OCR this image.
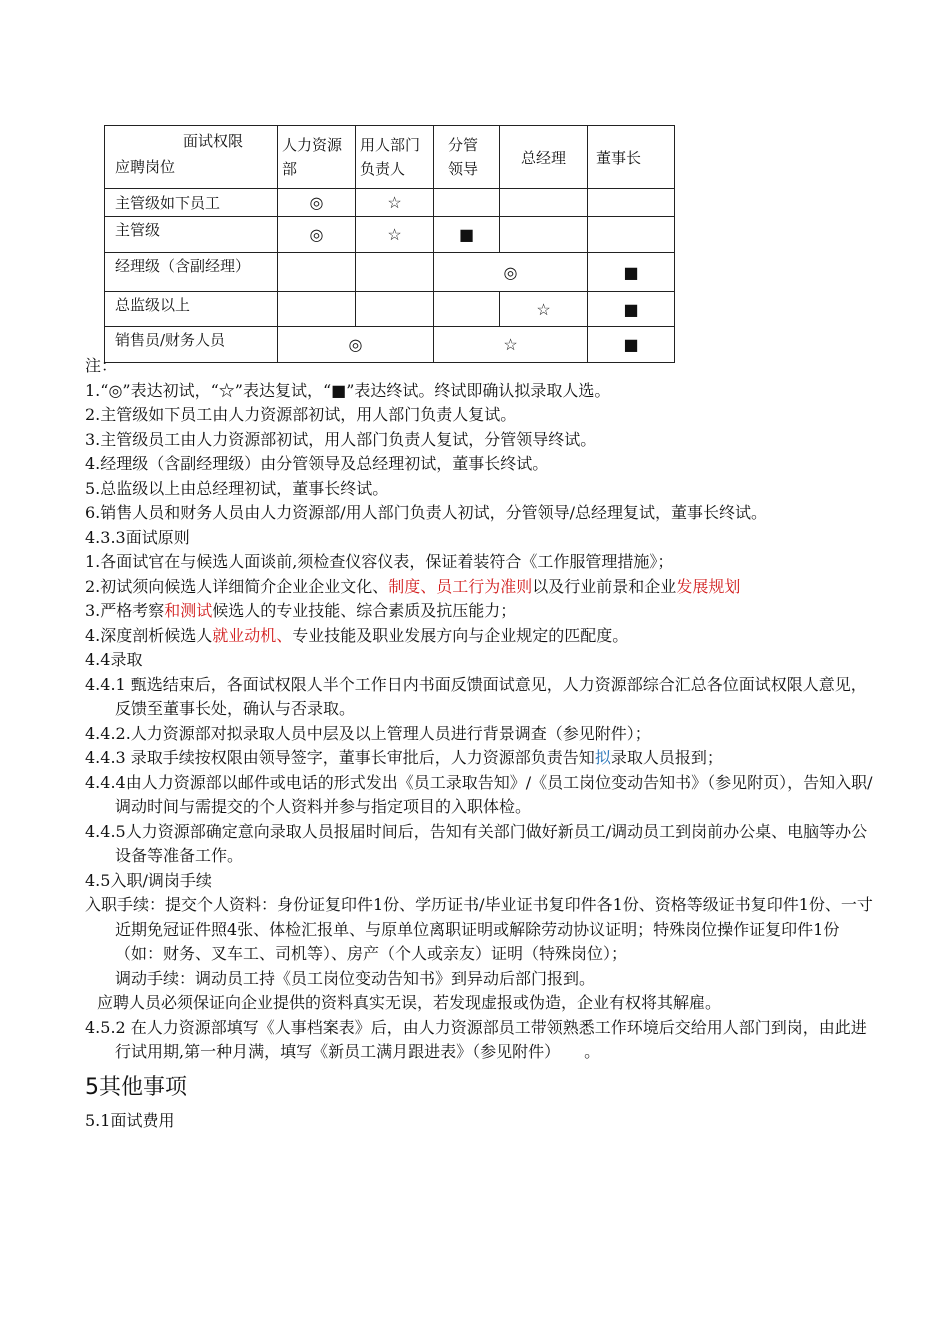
面试权限
应聘岗位	人力资源部	用人部门负责人	分管领导	总经理	董事长
主管级如下员工	◎	☆			
主管级	◎	☆	■		
经理级（含副经理）			◎		■
总监级以上				☆	■
销售员/财务人员	◎		☆		■
注：
1.“◎”表达初试，“☆”表达复试，“■”表达终试。终试即确认拟录取人选。
2.主管级如下员工由人力资源部初试，用人部门负责人复试。
3.主管级员工由人力资源部初试，用人部门负责人复试，分管领导终试。
4.经理级（含副经理级）由分管领导及总经理初试，董事长终试。
5.总监级以上由总经理初试，董事长终试。
6.销售人员和财务人员由人力资源部/用人部门负责人初试，分管领导/总经理复试，董事长终试。
4.3.3面试原则
1.各面试官在与候选人面谈前,须检查仪容仪表，保证着装符合《工作服管理措施》；
2.初试须向候选人详细简介企业企业文化、制度、员工行为准则以及行业前景和企业发展规划
3.严格考察和测试候选人的专业技能、综合素质及抗压能力；
4.深度剖析候选人就业动机、专业技能及职业发展方向与企业规定的匹配度。
4.4录取
4.4.1 甄选结束后，各面试权限人半个工作日内书面反馈面试意见，人力资源部综合汇总各位面试权限人意见，反馈至董事长处，确认与否录取。
4.4.2.人力资源部对拟录取人员中层及以上管理人员进行背景调查（参见附件）；
4.4.3 录取手续按权限由领导签字，董事长审批后，人力资源部负责告知拟录取人员报到；
4.4.4由人力资源部以邮件或电话的形式发出《员工录取告知》/《员工岗位变动告知书》（参见附页），告知入职/调动时间与需提交的个人资料并参与指定项目的入职体检。
4.4.5人力资源部确定意向录取人员报届时间后，告知有关部门做好新员工/调动员工到岗前办公桌、电脑等办公设备等准备工作。
4.5入职/调岗手续
入职手续：提交个人资料：身份证复印件1份、学历证书/毕业证书复印件各1份、资格等级证书复印件1份、一寸近期免冠证件照4张、体检汇报单、与原单位离职证明或解除劳动协议证明；特殊岗位操作证复印件1份（如：财务、叉车工、司机等）、房产（个人或亲友）证明（特殊岗位）；
调动手续：调动员工持《员工岗位变动告知书》到异动后部门报到。
应聘人员必须保证向企业提供的资料真实无误，若发现虚报或伪造，企业有权将其解雇。
4.5.2 在人力资源部填写《人事档案表》后，由人力资源部员工带领熟悉工作环境后交给用人部门到岗，由此进行试用期,第一种月满，填写《新员工满月跟进表》（参见附件）　　。
5其他事项
5.1面试费用
